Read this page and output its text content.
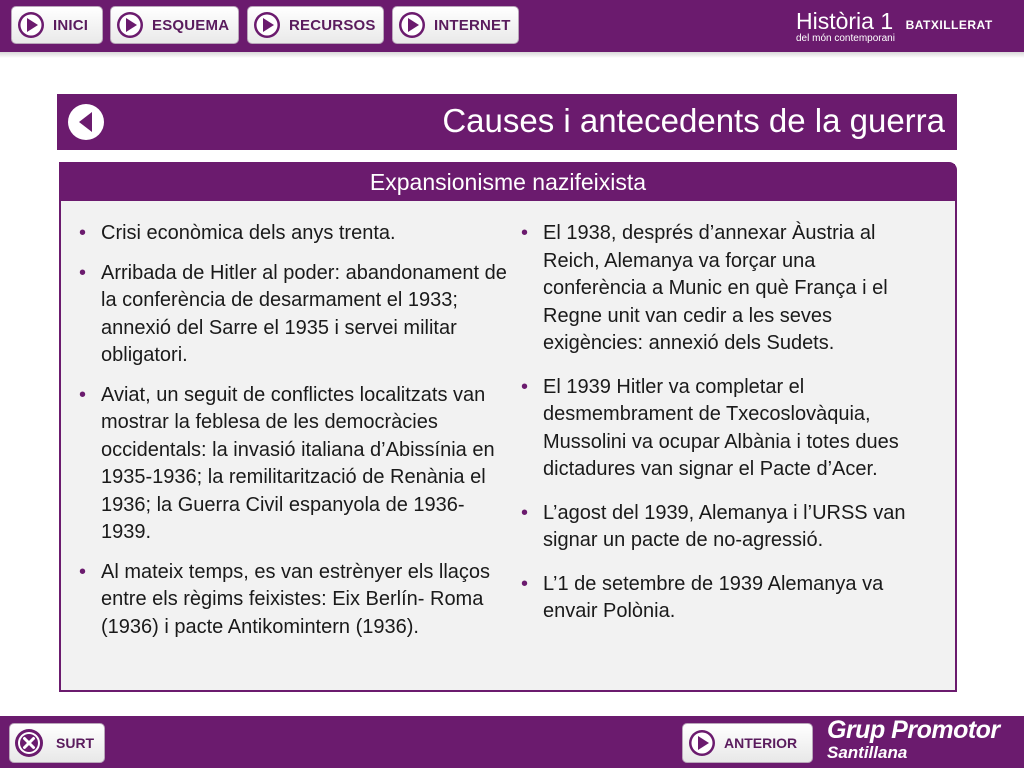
INICI	ESQUEMA	RECURSOS	INTERNET	Història 1 BATXILLERAT
del món contemporani
Causes i antecedents de la guerra
Expansionisme nazifeixista
• Crisi econòmica dels anys trenta.
• Arribada de Hitler al poder: abandonament de la conferència de desarmament el 1933; annexió del Sarre el 1935 i servei militar obligatori.
• Aviat, un seguit de conflictes localitzats van mostrar la feblesa de les democràcies occidentals: la invasió italiana d’Abissínia en 1935-1936; la remilitarització de Renània el 1936; la Guerra Civil espanyola de 1936-1939.
• Al mateix temps, es van estrènyer els llaços entre els règims feixistes: Eix Berlín- Roma (1936) i pacte Antikomintern (1936).
• El 1938, després d’annexar Àustria al Reich, Alemanya va forçar una conferència a Munic en què França i el Regne unit van cedir a les seves exigències: annexió dels Sudets.
• El 1939 Hitler va completar el desmembrament de Txecoslovàquia, Mussolini va ocupar Albània i totes dues dictadures van signar el Pacte d’Acer.
• L’agost del 1939, Alemanya i l’URSS van signar un pacte de no-agressió.
• L’1 de setembre de 1939 Alemanya va envair Polònia.
SURT	ANTERIOR Grup Promotor
Santillana
